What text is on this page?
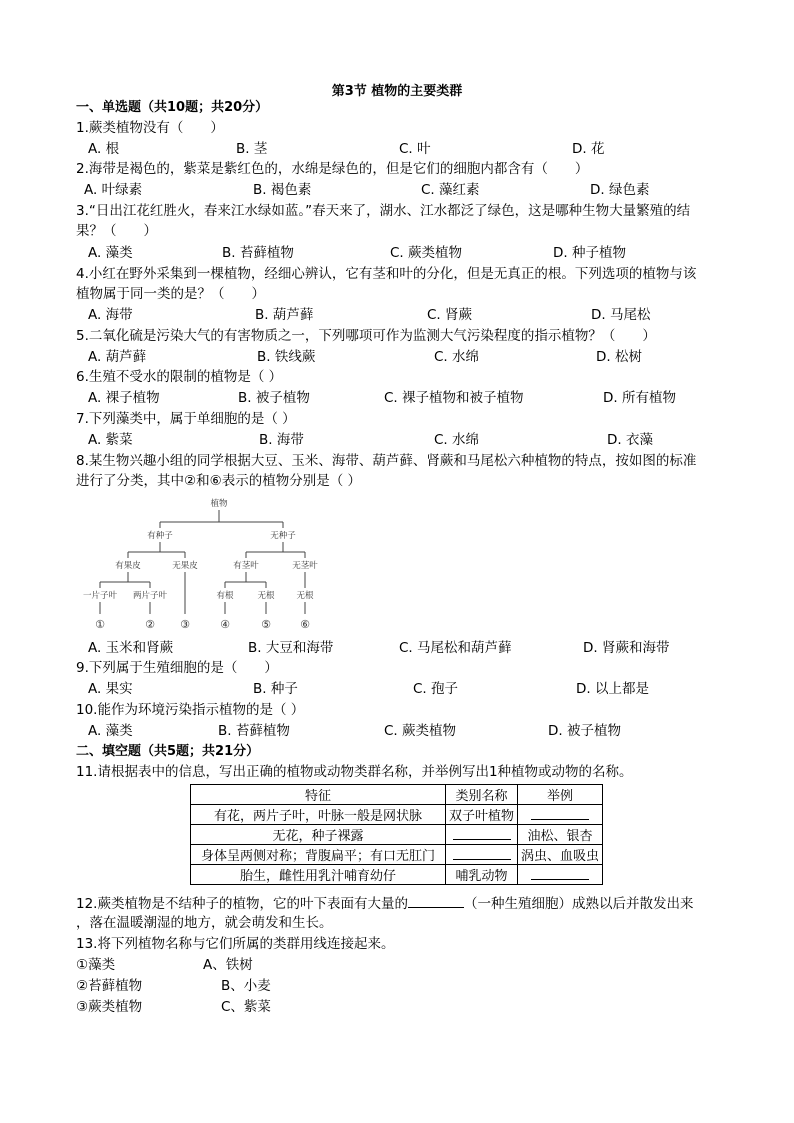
第3节 植物的主要类群
一、单选题（共10题；共20分）
1.蕨类植物没有（　　）
A. 根	B. 茎	C. 叶	D. 花
2.海带是褐色的，紫菜是紫红色的，水绵是绿色的，但是它们的细胞内都含有（　　）
A. 叶绿素	B. 褐色素	C. 藻红素	D. 绿色素
3.“日出江花红胜火，春来江水绿如蓝。”春天来了，湖水、江水都泛了绿色，这是哪种生物大量繁殖的结
果？（　　）
A. 藻类	B. 苔藓植物	C. 蕨类植物	D. 种子植物
4.小红在野外采集到一棵植物，经细心辨认，它有茎和叶的分化，但是无真正的根。下列选项的植物与该
植物属于同一类的是？（　　）
A. 海带	B. 葫芦藓	C. 肾蕨	D. 马尾松
5.二氧化硫是污染大气的有害物质之一，下列哪项可作为监测大气污染程度的指示植物？（　　）
A. 葫芦藓	B. 铁线蕨	C. 水绵	D. 松树
6.生殖不受水的限制的植物是（ ）
A. 裸子植物	B. 被子植物	C. 裸子植物和被子植物	D. 所有植物
7.下列藻类中，属于单细胞的是（ ）
A. 紫菜	B. 海带	C. 水绵	D. 衣藻
8.某生物兴趣小组的同学根据大豆、玉米、海带、葫芦藓、肾蕨和马尾松六种植物的特点，按如图的标准
进行了分类，其中②和⑥表示的植物分别是（ ）
植物
有种子	无种子
有果皮	无果皮	有茎叶	无茎叶
一片子叶 两片子叶	有根	无根	无根
①	② ③	④	⑤	⑥
A. 玉米和肾蕨	B. 大豆和海带	C. 马尾松和葫芦藓	D. 肾蕨和海带
9.下列属于生殖细胞的是（　　）
A. 果实	B. 种子	C. 孢子	D. 以上都是
10.能作为环境污染指示植物的是（ ）
A. 藻类	B. 苔藓植物	C. 蕨类植物	D. 被子植物
二、填空题（共5题；共21分）
11.请根据表中的信息，写出正确的植物或动物类群名称，并举例写出1种植物或动物的名称。
特征	类别名称	举例
有花，两片子叶，叶脉一般是网状脉	双子叶植物	
无花，种子裸露		油松、银杏
身体呈两侧对称；背腹扁平；有口无肛门		涡虫、血吸虫
胎生，雌性用乳汁哺育幼仔	哺乳动物	
12.蕨类植物是不结种子的植物，它的叶下表面有大量的	（一种生殖细胞）成熟以后并散发出来
，落在温暖潮湿的地方，就会萌发和生长。
13.将下列植物名称与它们所属的类群用线连接起来。
①藻类	A、铁树
②苔藓植物	B、小麦
③蕨类植物	C、紫菜
